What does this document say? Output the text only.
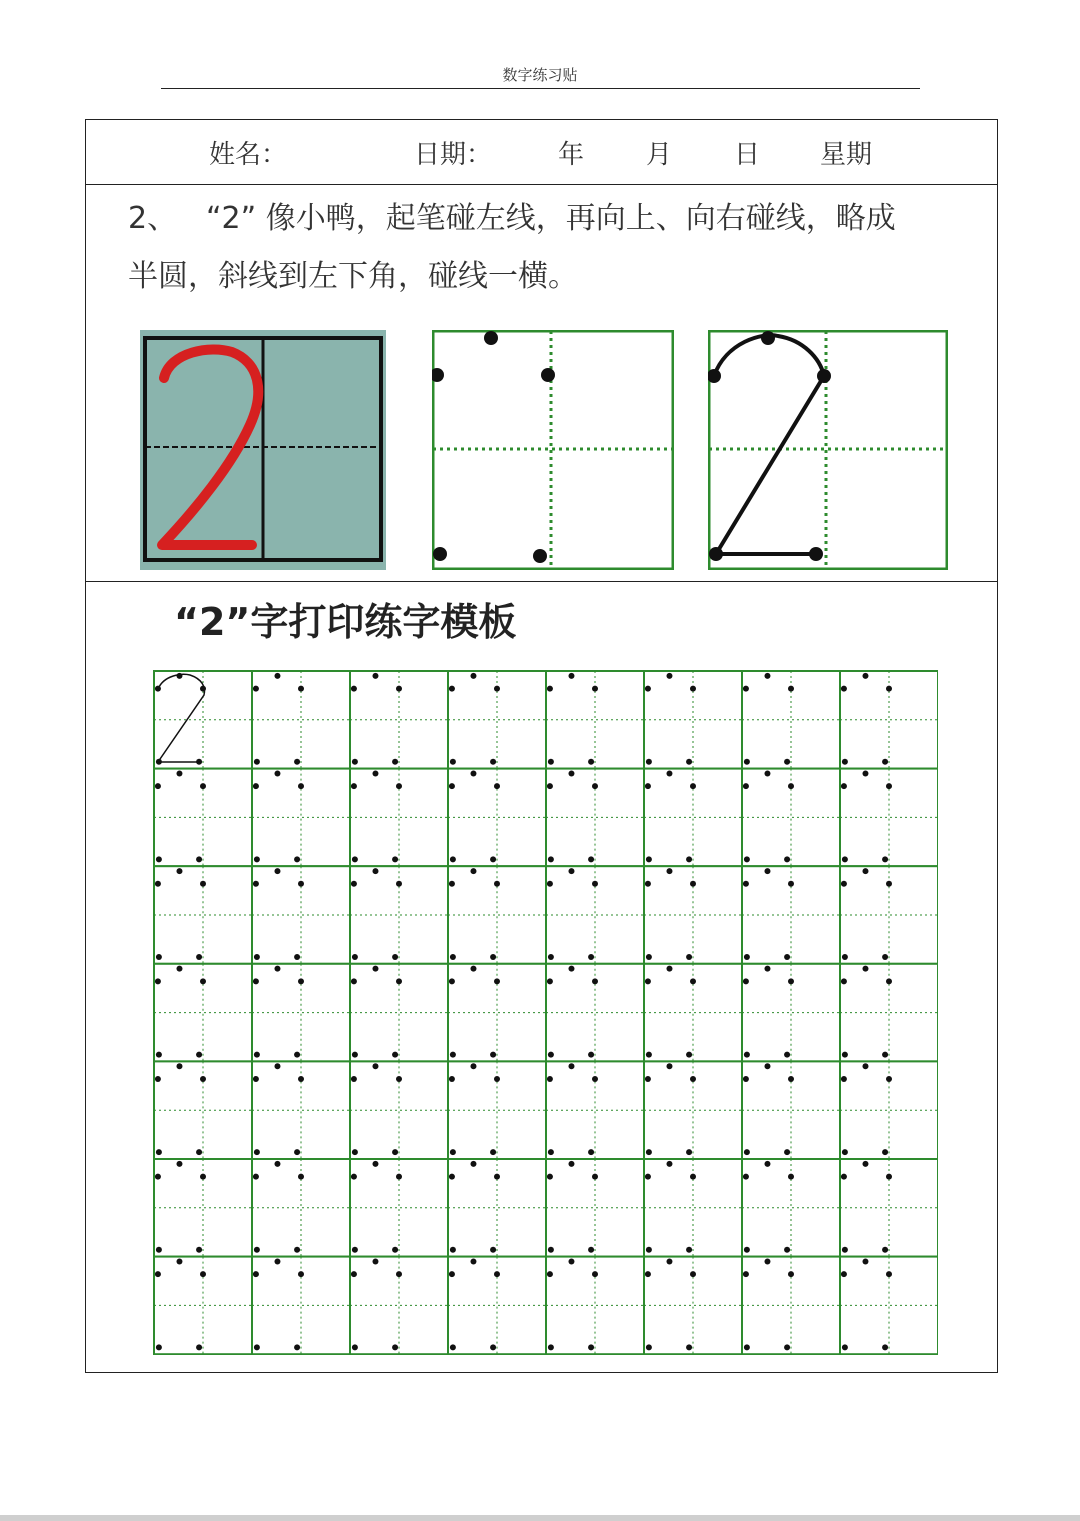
数字练习贴
姓名：	日期：	年 月 日 星期
2、 “2” 像小鸭，起笔碰左线，再向上、向右碰线，略成
半圆，斜线到左下角，碰线一横。
“2”字打印练字模板
